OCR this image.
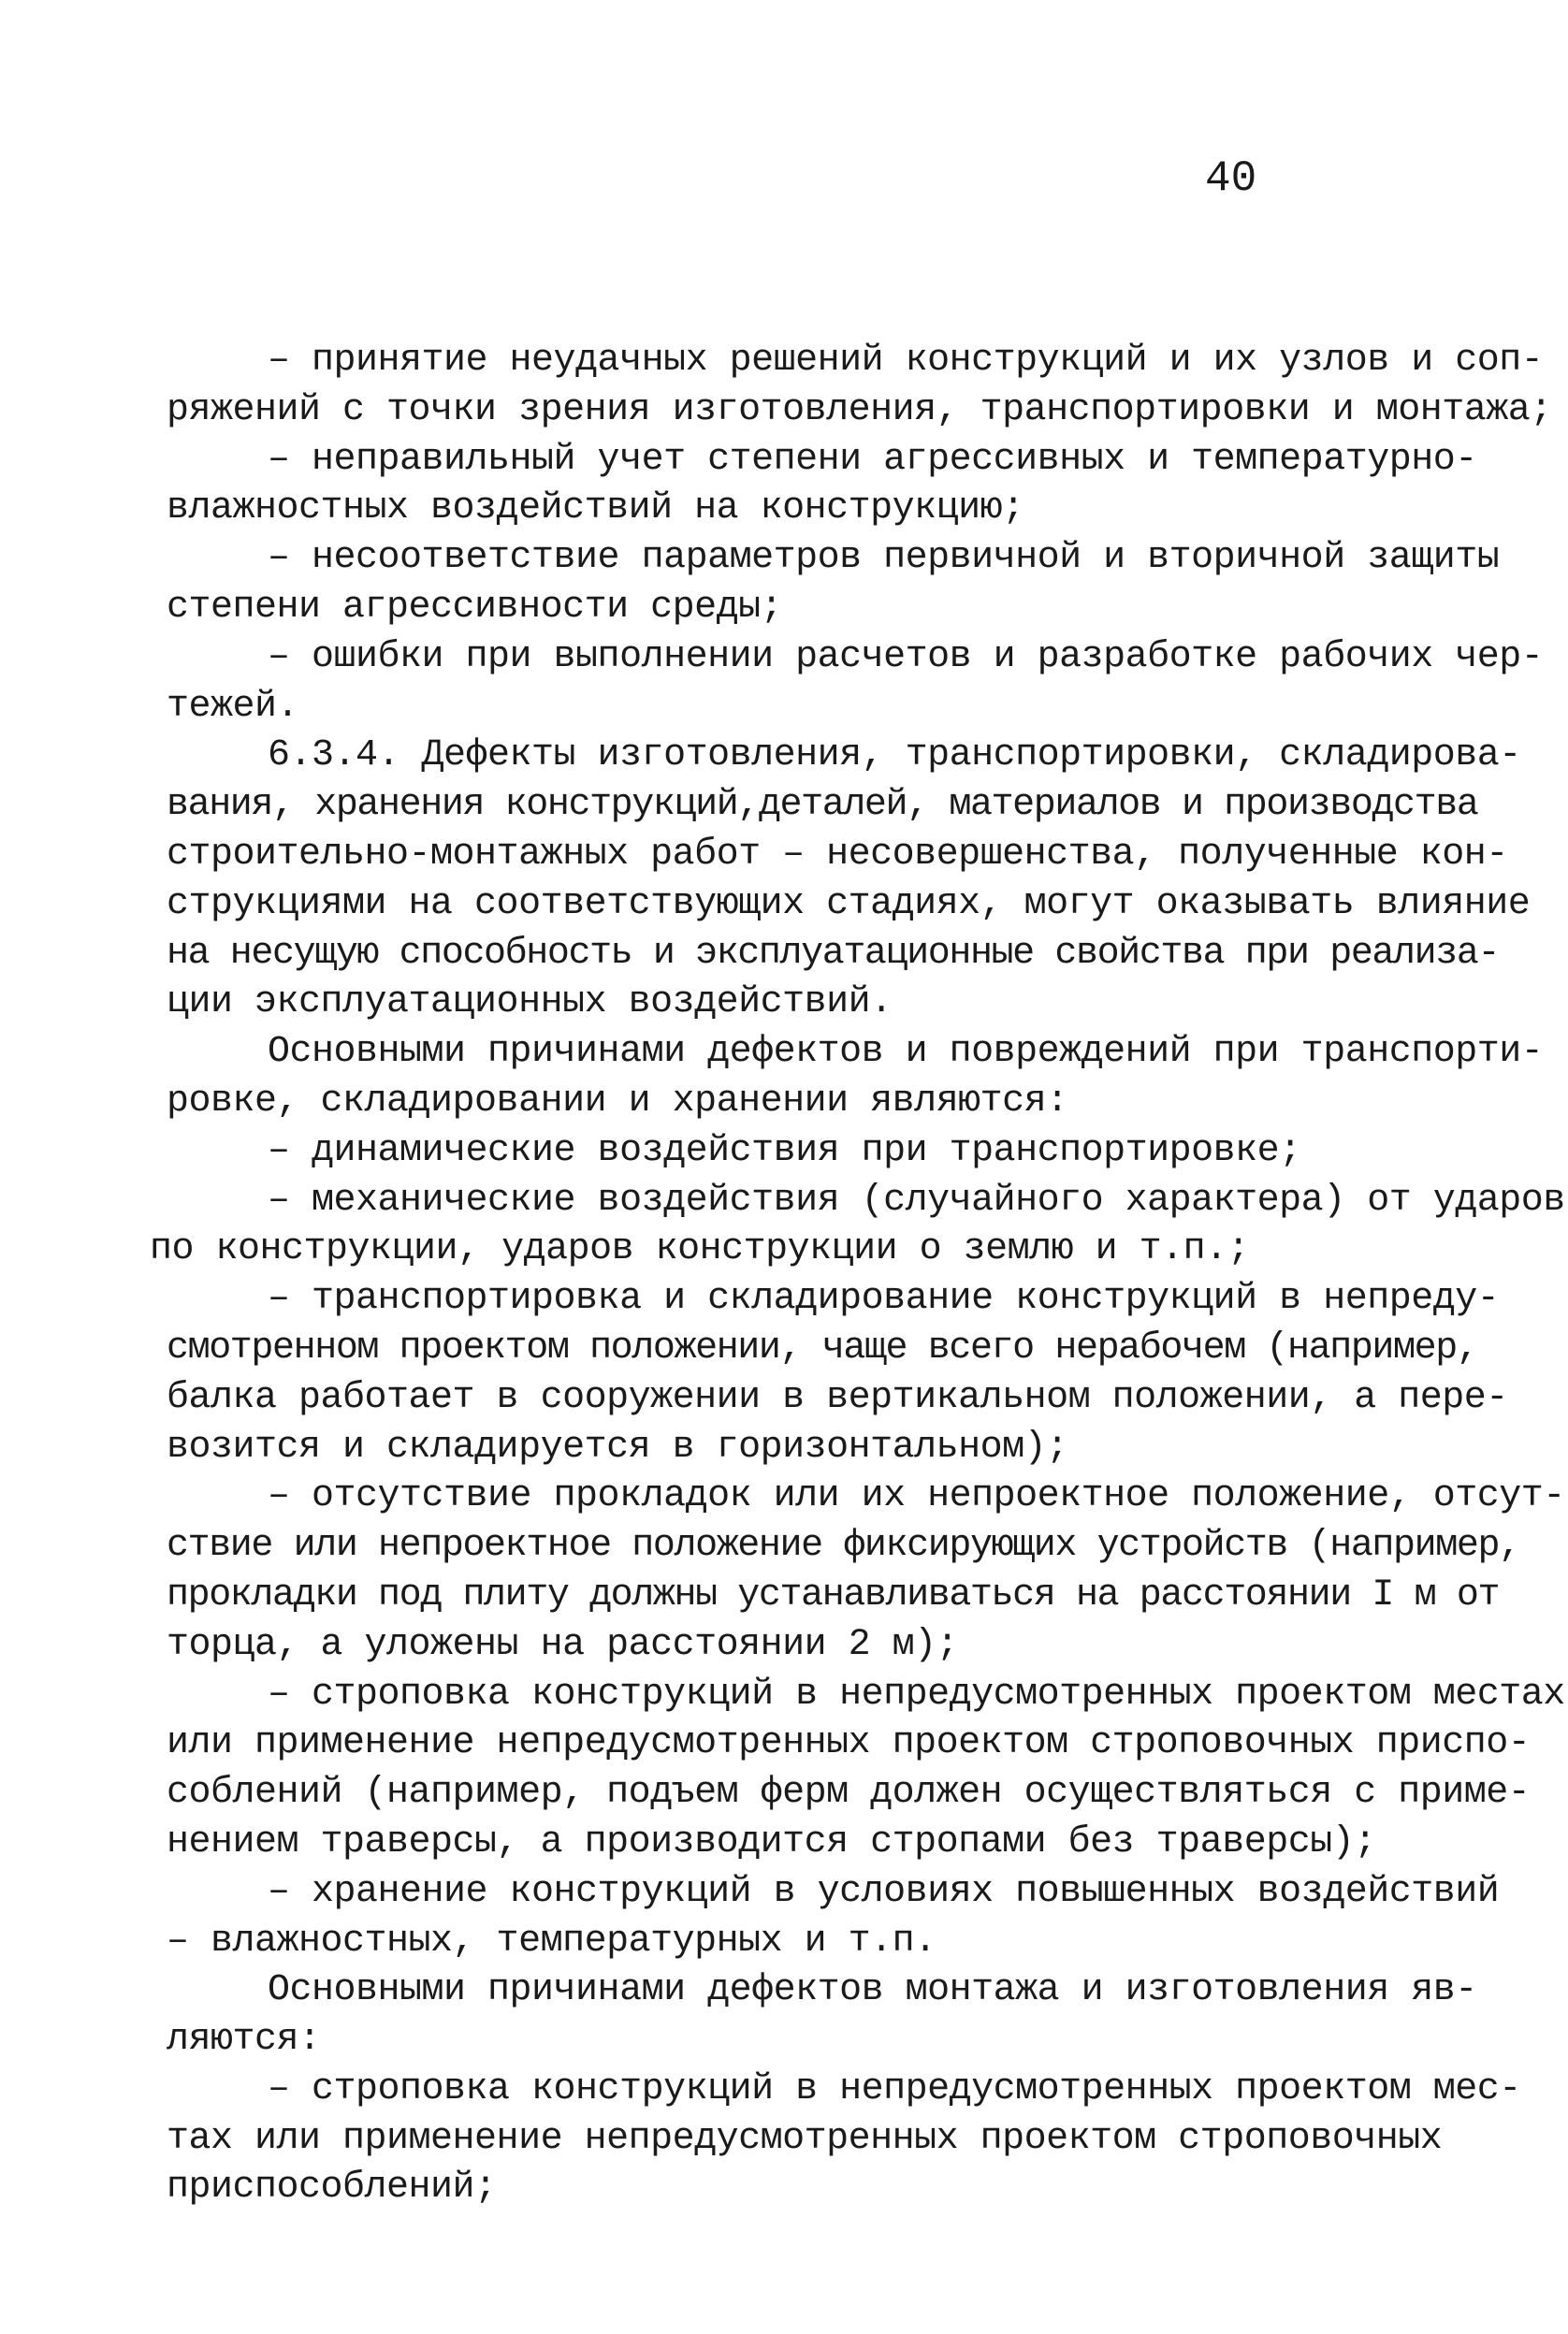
40
– принятие неудачных решений конструкций и их узлов и соп-
ряжений с точки зрения изготовления, транспортировки и монтажа;
– неправильный учет степени агрессивных и температурно-
влажностных воздействий на конструкцию;
– несоответствие параметров первичной и вторичной защиты
степени агрессивности среды;
– ошибки при выполнении расчетов и разработке рабочих чер-
тежей.
6.3.4. Дефекты изготовления, транспортировки, складирова-
вания, хранения конструкций,деталей, материалов и производства
строительно-монтажных работ – несовершенства, полученные кон-
струкциями на соответствующих стадиях, могут оказывать влияние
на несущую способность и эксплуатационные свойства при реализа-
ции эксплуатационных воздействий.
Основными причинами дефектов и повреждений при транспорти-
ровке, складировании и хранении являются:
– динамические воздействия при транспортировке;
– механические воздействия (случайного характера) от ударов
по конструкции, ударов конструкции о землю и т.п.;
– транспортировка и складирование конструкций в непреду-
смотренном проектом положении, чаще всего нерабочем (например,
балка работает в сооружении в вертикальном положении, а пере-
возится и складируется в горизонтальном);
– отсутствие прокладок или их непроектное положение, отсут-
ствие или непроектное положение фиксирующих устройств (например,
прокладки под плиту должны устанавливаться на расстоянии I м от
торца, а уложены на расстоянии 2 м);
– строповка конструкций в непредусмотренных проектом местах
или применение непредусмотренных проектом строповочных приспо-
соблений (например, подъем ферм должен осуществляться с приме-
нением траверсы, а производится стропами без траверсы);
– хранение конструкций в условиях повышенных воздействий
– влажностных, температурных и т.п.
Основными причинами дефектов монтажа и изготовления яв-
ляются:
– строповка конструкций в непредусмотренных проектом мес-
тах или применение непредусмотренных проектом строповочных
приспособлений;
